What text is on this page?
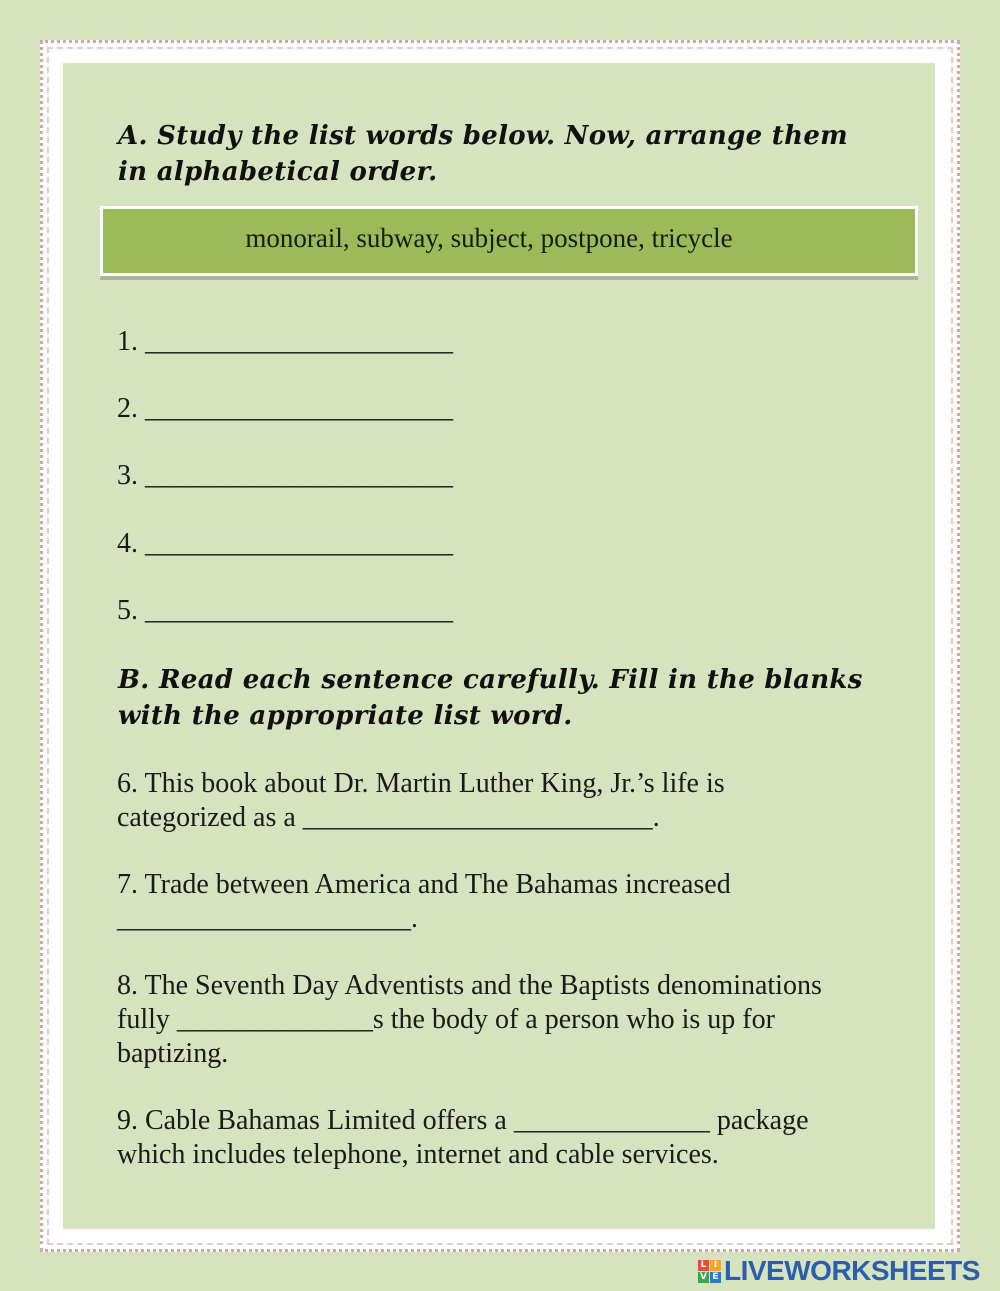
A. Study the list words below. Now, arrange them
in alphabetical order.
monorail, subway, subject, postpone, tricycle
1. ______________________
2. ______________________
3. ______________________
4. ______________________
5. ______________________
B. Read each sentence carefully. Fill in the blanks
with the appropriate list word.
6. This book about Dr. Martin Luther King, Jr.’s life is
categorized as a _________________________.
7. Trade between America and The Bahamas increased
_____________________.
8. The Seventh Day Adventists and the Baptists denominations
fully ______________s the body of a person who is up for
baptizing.
9. Cable Bahamas Limited offers a ______________ package
which includes telephone, internet and cable services.
L I
V E LIVEWORKSHEETS
